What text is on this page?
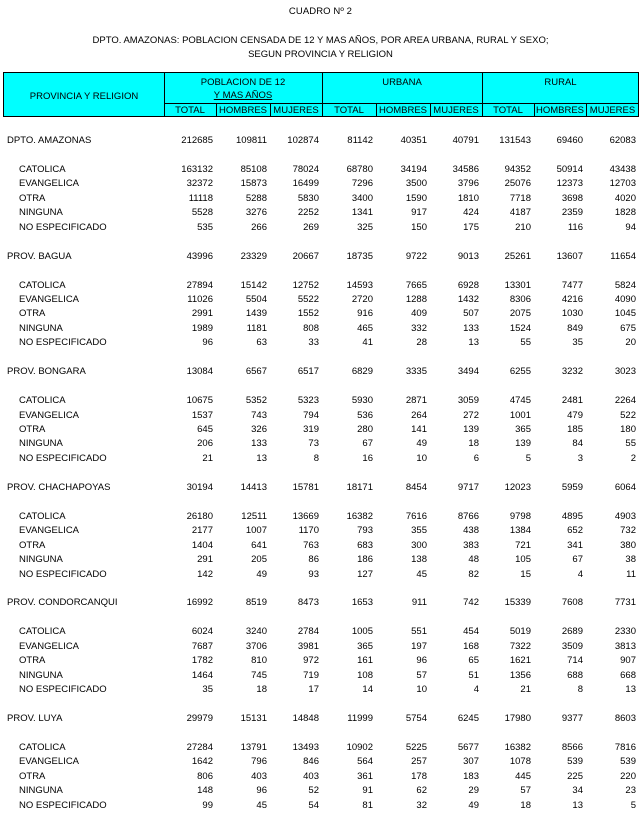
CUADRO Nº 2
DPTO. AMAZONAS: POBLACION CENSADA DE 12 Y MAS AÑOS, POR AREA URBANA, RURAL Y SEXO;
SEGUN PROVINCIA Y RELIGION
PROVINCIA Y RELIGION
POBLACION DE 12
Y MAS AÑOS
URBANA	RURAL
TOTAL	HOMBRES MUJERES	TOTAL	HOMBRES MUJERES	TOTAL	HOMBRES MUJERES
DPTO. AMAZONAS	212685	109811	102874	81142	40351	40791	131543	69460	62083
CATOLICA	163132	85108	78024	68780	34194	34586	94352	50914	43438
EVANGELICA	32372	15873	16499	7296	3500	3796	25076	12373	12703
OTRA	11118	5288	5830	3400	1590	1810	7718	3698	4020
NINGUNA	5528	3276	2252	1341	917	424	4187	2359	1828
NO ESPECIFICADO	535	266	269	325	150	175	210	116	94
PROV. BAGUA	43996	23329	20667	18735	9722	9013	25261	13607	11654
CATOLICA	27894	15142	12752	14593	7665	6928	13301	7477	5824
EVANGELICA	11026	5504	5522	2720	1288	1432	8306	4216	4090
OTRA	2991	1439	1552	916	409	507	2075	1030	1045
NINGUNA	1989	1181	808	465	332	133	1524	849	675
NO ESPECIFICADO	96	63	33	41	28	13	55	35	20
PROV. BONGARA	13084	6567	6517	6829	3335	3494	6255	3232	3023
CATOLICA	10675	5352	5323	5930	2871	3059	4745	2481	2264
EVANGELICA	1537	743	794	536	264	272	1001	479	522
OTRA	645	326	319	280	141	139	365	185	180
NINGUNA	206	133	73	67	49	18	139	84	55
NO ESPECIFICADO	21	13	8	16	10	6	5	3	2
PROV. CHACHAPOYAS	30194	14413	15781	18171	8454	9717	12023	5959	6064
CATOLICA	26180	12511	13669	16382	7616	8766	9798	4895	4903
EVANGELICA	2177	1007	1170	793	355	438	1384	652	732
OTRA	1404	641	763	683	300	383	721	341	380
NINGUNA	291	205	86	186	138	48	105	67	38
NO ESPECIFICADO	142	49	93	127	45	82	15	4	11
PROV. CONDORCANQUI	16992	8519	8473	1653	911	742	15339	7608	7731
CATOLICA	6024	3240	2784	1005	551	454	5019	2689	2330
EVANGELICA	7687	3706	3981	365	197	168	7322	3509	3813
OTRA	1782	810	972	161	96	65	1621	714	907
NINGUNA	1464	745	719	108	57	51	1356	688	668
NO ESPECIFICADO	35	18	17	14	10	4	21	8	13
PROV. LUYA	29979	15131	14848	11999	5754	6245	17980	9377	8603
CATOLICA	27284	13791	13493	10902	5225	5677	16382	8566	7816
EVANGELICA	1642	796	846	564	257	307	1078	539	539
OTRA	806	403	403	361	178	183	445	225	220
NINGUNA	148	96	52	91	62	29	57	34	23
NO ESPECIFICADO	99	45	54	81	32	49	18	13	5
